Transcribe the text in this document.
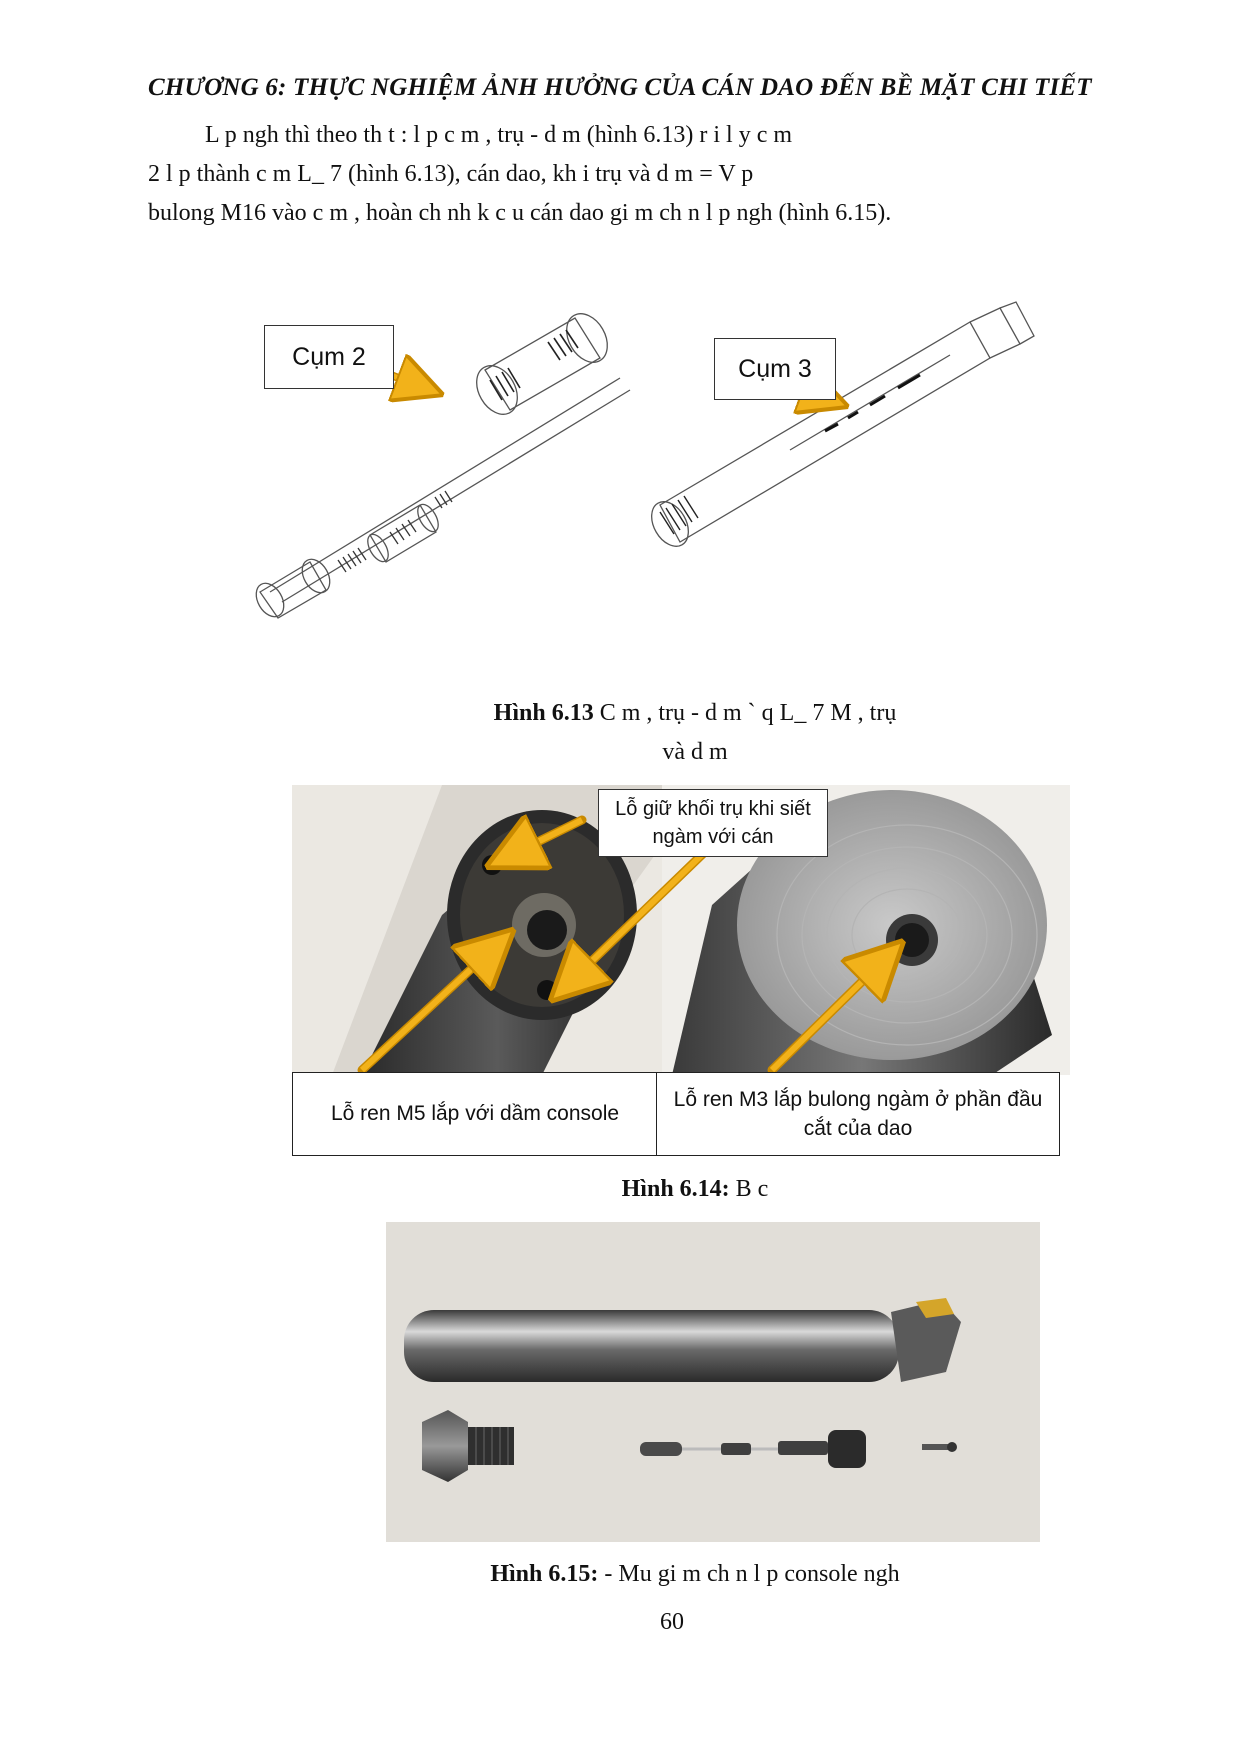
CHƯƠNG 6: THỰC NGHIỆM ẢNH HƯỞNG CỦA CÁN DAO ĐẾN BỀ MẶT CHI TIẾT
L p ngh thì theo th t : l p c m , trụ - d m (hình 6.13) r i l y c m
2 l p thành c m L_ 7 (hình 6.13), cán dao, kh i trụ và d m = V p
bulong M16 vào c m , hoàn ch nh k c u cán dao gi m ch n l p ngh (hình 6.15).
Cụm 2	Cụm 3
Hình 6.13 C m , trụ - d m ` q L_ 7 M , trụ
và d m
Lỗ giữ khối trụ khi siết ngàm với cán
Lỗ ren M5 lắp với dầm console
Lỗ ren M3 lắp bulong ngàm ở phần đầu cắt của dao
Hình 6.14: B c
Hình 6.15: - Mu gi m ch n l p console ngh
60
